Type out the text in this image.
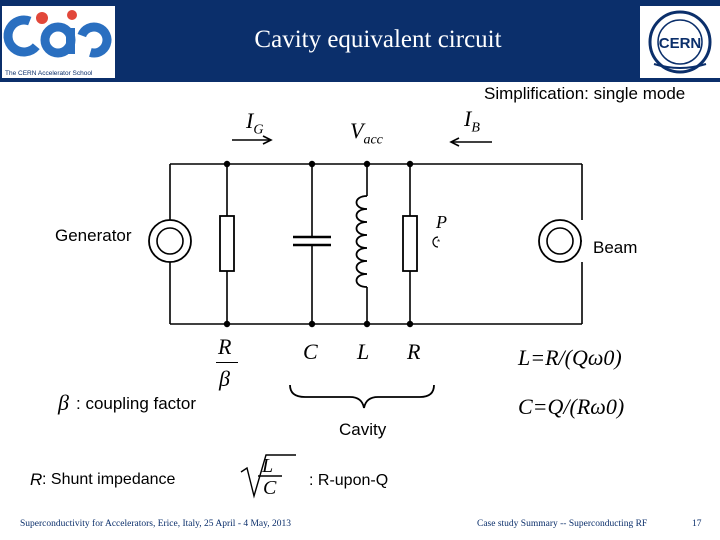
The CERN Accelerator School
Cavity equivalent circuit	CERN
Simplification: single mode
*
$I_G$	$V_{acc}$
$I_B$
P
Generator
Beam
R
β
C L R
Cavity
L=R/(Qω0)
C=Q/(Rω0)
β : coupling factor
R : Shunt impedance
L
C : R-upon-Q
Superconductivity for Accelerators, Erice, Italy, 25 April - 4 May, 2013	Case study Summary -- Superconducting RF	17
